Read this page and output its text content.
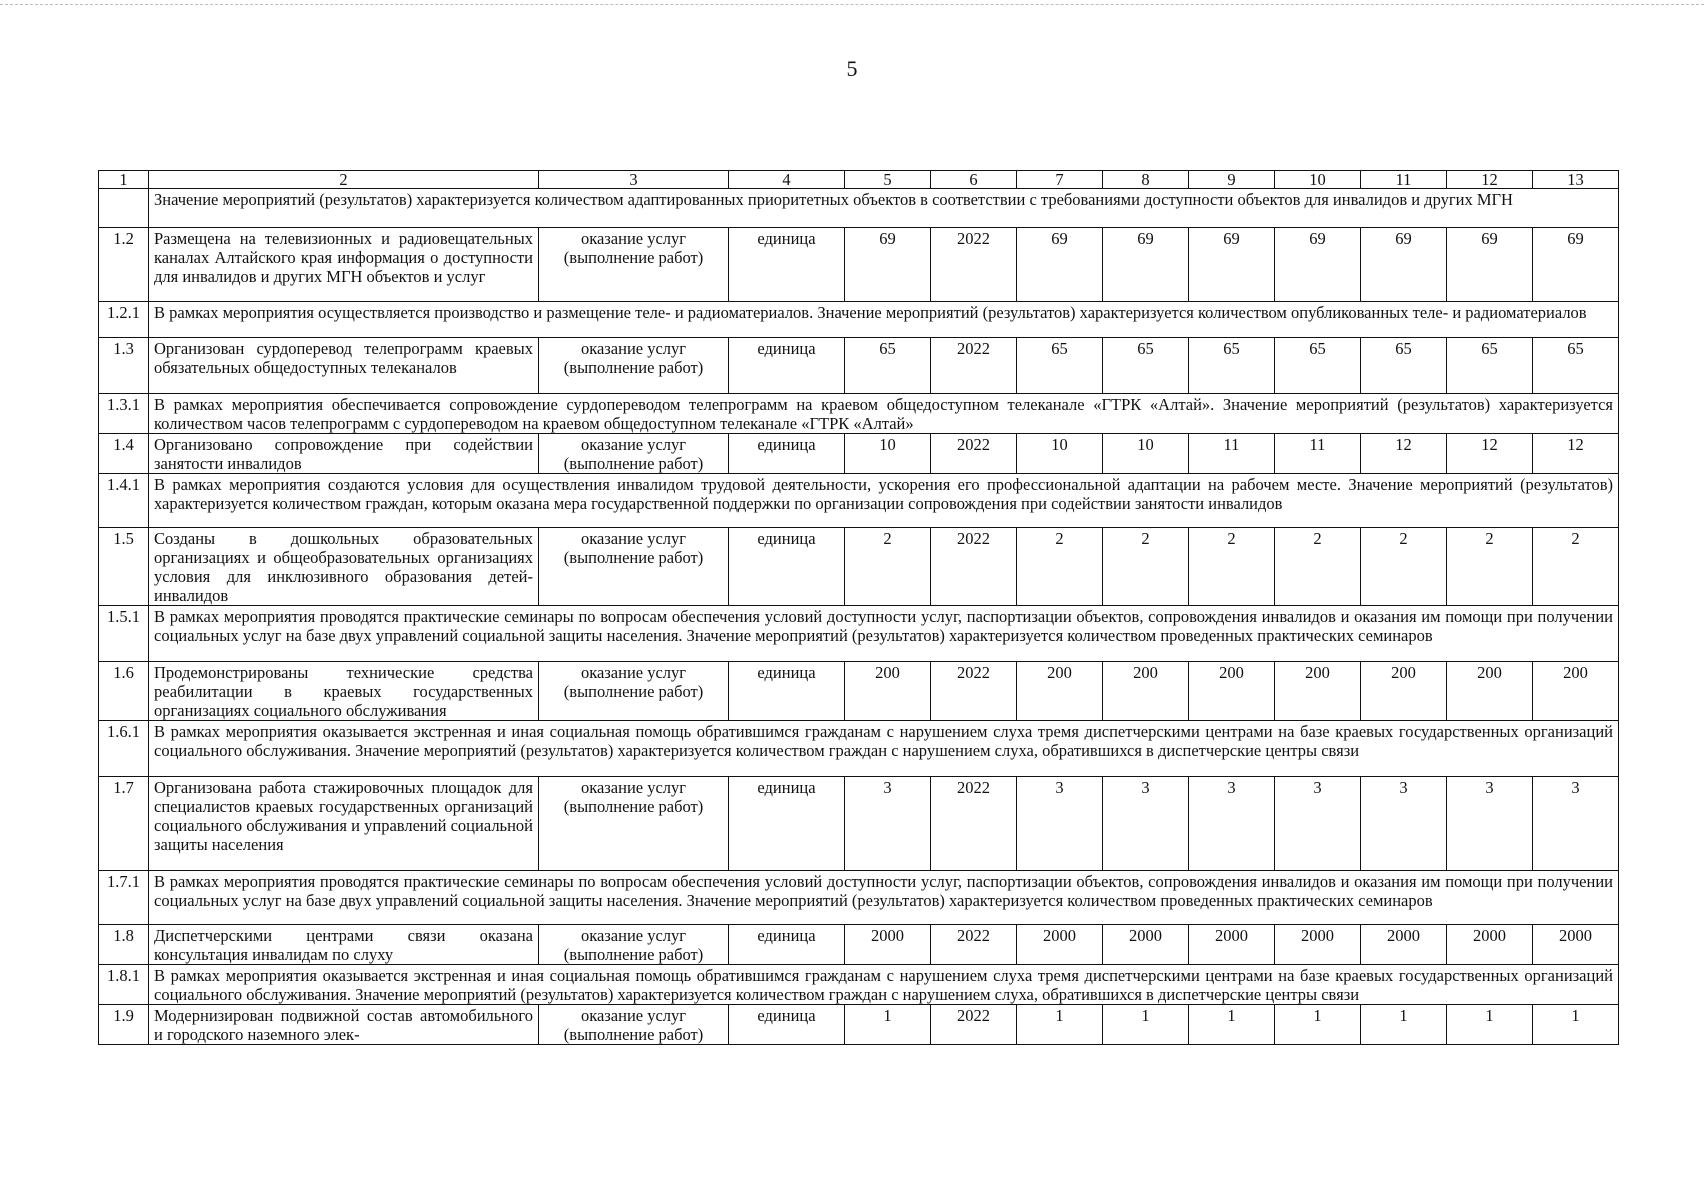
5
1	2	3	4	5	6	7	8	9	10	11	12	13
	Значение мероприятий (результатов) характеризуется количеством адаптированных приоритетных объектов в соответствии с требованиями доступности объектов для инвалидов и других МГН											
1.2	Размещена на телевизионных и радиовещательных каналах Алтайского края информация о доступности для инвалидов и других МГН объектов и услуг	оказание услуг (выполнение работ)	единица	69	2022	69	69	69	69	69	69	69
1.2.1	В рамках мероприятия осуществляется производство и размещение теле- и радиоматериалов. Значение мероприятий (результатов) характеризуется количеством опубликованных теле- и радиоматериалов											
1.3	Организован сурдоперевод телепрограмм краевых обязательных общедоступных телеканалов	оказание услуг (выполнение работ)	единица	65	2022	65	65	65	65	65	65	65
1.3.1	В рамках мероприятия обеспечивается сопровождение сурдопереводом телепрограмм на краевом общедоступном телеканале «ГТРК «Алтай». Значение мероприятий (результатов) характеризуется количеством часов телепрограмм с сурдопереводом на краевом общедоступном телеканале «ГТРК «Алтай»											
1.4	Организовано сопровождение при содействии занятости инвалидов	оказание услуг (выполнение работ)	единица	10	2022	10	10	11	11	12	12	12
1.4.1	В рамках мероприятия создаются условия для осуществления инвалидом трудовой деятельности, ускорения его профессиональной адаптации на рабочем месте. Значение мероприятий (результатов) характеризуется количеством граждан, которым оказана мера государственной поддержки по организации сопровождения при содействии занятости инвалидов											
1.5	Созданы в дошкольных образовательных организациях и общеобразовательных организациях условия для инклюзивного образования детей-инвалидов	оказание услуг (выполнение работ)	единица	2	2022	2	2	2	2	2	2	2
1.5.1	В рамках мероприятия проводятся практические семинары по вопросам обеспечения условий доступности услуг, паспортизации объектов, сопровождения инвалидов и оказания им помощи при получении социальных услуг на базе двух управлений социальной защиты населения. Значение мероприятий (результатов) характеризуется количеством проведенных практических семинаров											
1.6	Продемонстрированы технические средства реабилитации в краевых государственных организациях социального обслуживания	оказание услуг (выполнение работ)	единица	200	2022	200	200	200	200	200	200	200
1.6.1	В рамках мероприятия оказывается экстренная и иная социальная помощь обратившимся гражданам с нарушением слуха тремя диспетчерскими центрами на базе краевых государственных организаций социального обслуживания. Значение мероприятий (результатов) характеризуется количеством граждан с нарушением слуха, обратившихся в диспетчерские центры связи											
1.7	Организована работа стажировочных площадок для специалистов краевых государственных организаций социального обслуживания и управлений социальной защиты населения	оказание услуг (выполнение работ)	единица	3	2022	3	3	3	3	3	3	3
1.7.1	В рамках мероприятия проводятся практические семинары по вопросам обеспечения условий доступности услуг, паспортизации объектов, сопровождения инвалидов и оказания им помощи при получении социальных услуг на базе двух управлений социальной защиты населения. Значение мероприятий (результатов) характеризуется количеством проведенных практических семинаров											
1.8	Диспетчерскими центрами связи оказана консультация инвалидам по слуху	оказание услуг (выполнение работ)	единица	2000	2022	2000	2000	2000	2000	2000	2000	2000
1.8.1	В рамках мероприятия оказывается экстренная и иная социальная помощь обратившимся гражданам с нарушением слуха тремя диспетчерскими центрами на базе краевых государственных организаций социального обслуживания. Значение мероприятий (результатов) характеризуется количеством граждан с нарушением слуха, обратившихся в диспетчерские центры связи											
1.9	Модернизирован подвижной состав автомобильного и городского наземного элек-	оказание услуг (выполнение работ)	единица	1	2022	1	1	1	1	1	1	1
